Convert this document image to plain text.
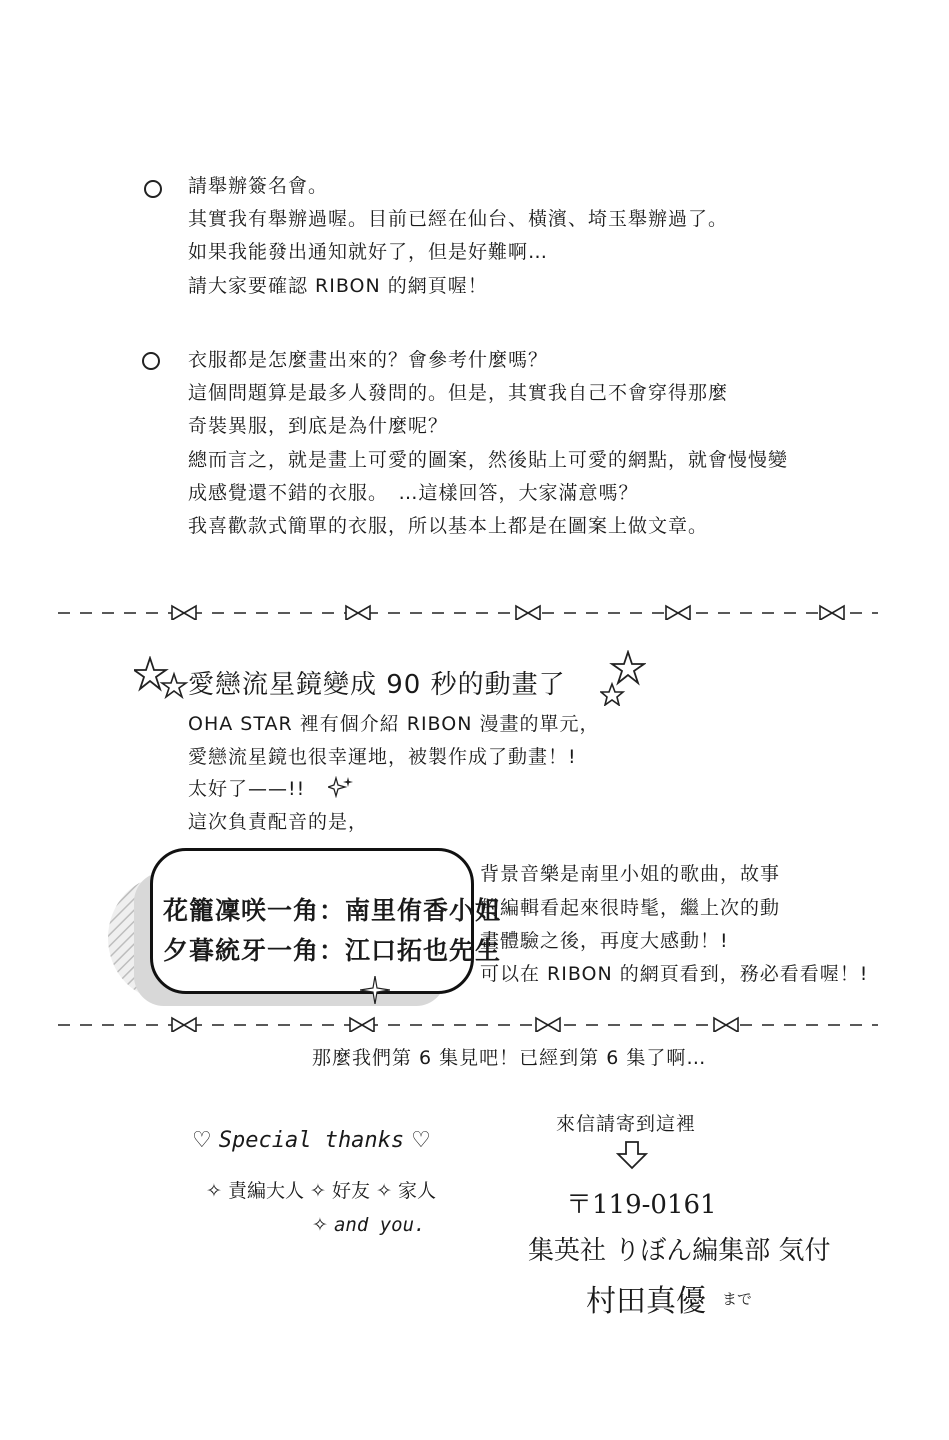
請舉辦簽名會。
其實我有舉辦過喔。目前已經在仙台、橫濱、埼玉舉辦過了。
如果我能發出通知就好了，但是好難啊…
請大家要確認 RIBON 的網頁喔！
衣服都是怎麼畫出來的？會參考什麼嗎？
這個問題算是最多人發問的。但是，其實我自己不會穿得那麼
奇裝異服，到底是為什麼呢？
總而言之，就是畫上可愛的圖案，然後貼上可愛的網點，就會慢慢變
成感覺還不錯的衣服。　…這樣回答，大家滿意嗎？
我喜歡款式簡單的衣服，所以基本上都是在圖案上做文章。
愛戀流星鏡變成 90 秒的動畫了
OHA STAR 裡有個介紹 RIBON 漫畫的單元，
愛戀流星鏡也很幸運地，被製作成了動畫！!
太好了——!!
這次負責配音的是，
花籠凜咲一角：南里侑香小姐
夕暮統牙一角：江口拓也先生
背景音樂是南里小姐的歌曲，故事
的編輯看起來很時髦，繼上次的動
畫體驗之後，再度大感動！!
可以在 RIBON 的網頁看到，務必看看喔！!
那麼我們第 6 集見吧！已經到第 6 集了啊…
♡ Special thanks ♡
✧ 責編大人 ✧ 好友 ✧ 家人
✧ and you.
來信請寄到這裡
〒119-0161
集英社 りぼん編集部 気付
村田真優 まで
